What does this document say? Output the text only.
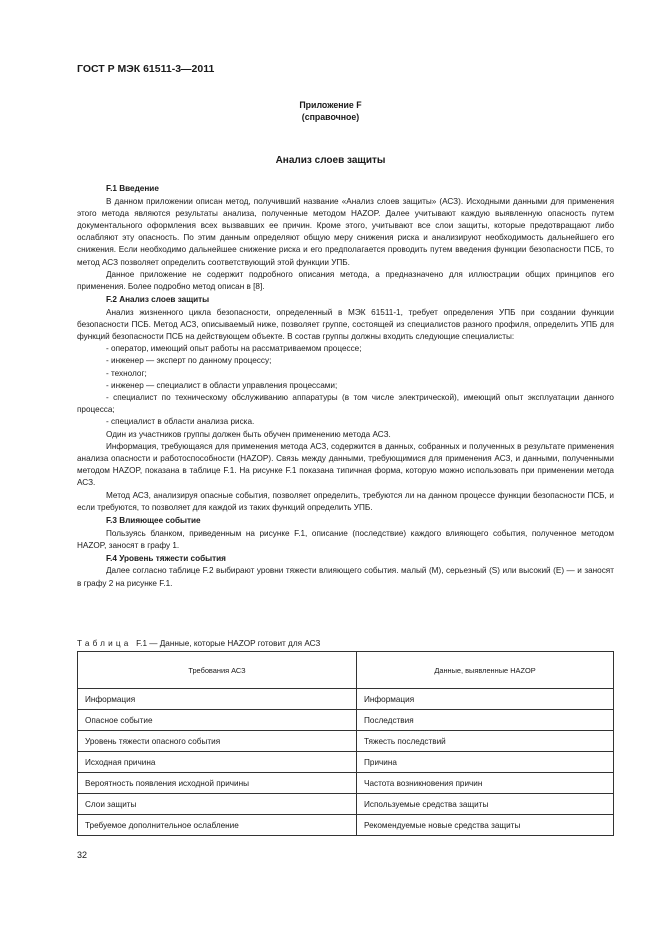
ГОСТ Р МЭК 61511-3—2011
Приложение F
(справочное)
Анализ слоев защиты
F.1 Введение

В данном приложении описан метод, получивший название «Анализ слоев защиты» (АСЗ). Исходными данными для применения этого метода являются результаты анализа, полученные методом HAZOP. Далее учитывают каждую выявленную опасность путем документального оформления всех вызвавших ее причин. Кроме этого, учитывают все слои защиты, которые предотвращают либо ослабляют эту опасность. По этим данным определяют общую меру снижения риска и анализируют необходимость дальнейшего его снижения. Если необходимо дальнейшее снижение риска и его предполагается проводить путем введения функции безопасности ПСБ, то метод АСЗ позволяет определить соответствующий этой функции УПБ.

Данное приложение не содержит подробного описания метода, а предназначено для иллюстрации общих принципов его применения. Более подробно метод описан в [8].

F.2 Анализ слоев защиты

Анализ жизненного цикла безопасности, определенный в МЭК 61511-1, требует определения УПБ при создании функции безопасности ПСБ. Метод АСЗ, описываемый ниже, позволяет группе, состоящей из специалистов разного профиля, определить УПБ для функций безопасности ПСБ на действующем объекте. В состав группы должны входить следующие специалисты:

- оператор, имеющий опыт работы на рассматриваемом процессе;
- инженер — эксперт по данному процессу;
- технолог;
- инженер — специалист в области управления процессами;
- специалист по техническому обслуживанию аппаратуры (в том числе электрической), имеющий опыт эксплуатации данного процесса;
- специалист в области анализа риска.

Один из участников группы должен быть обучен применению метода АСЗ.

Информация, требующаяся для применения метода АСЗ, содержится в данных, собранных и полученных в результате применения анализа опасности и работоспособности (HAZOP). Связь между данными, требующимися для применения АСЗ, и данными, полученными методом HAZOP, показана в таблице F.1. На рисунке F.1 показана типичная форма, которую можно использовать при применении метода АСЗ.

Метод АСЗ, анализируя опасные события, позволяет определить, требуются ли на данном процессе функции безопасности ПСБ, и если требуются, то позволяет для каждой из таких функций определить УПБ.

F.3 Влияющее событие

Пользуясь бланком, приведенным на рисунке F.1, описание (последствие) каждого влияющего события, полученное методом HAZOP, заносят в графу 1.

F.4 Уровень тяжести события

Далее согласно таблице F.2 выбирают уровни тяжести влияющего события. малый (М), серьезный (S) или высокий (Е) — и заносят в графу 2 на рисунке F.1.

Таблица F.1 — Данные, которые HAZOP готовит для АСЗ
Требования АСЗ	Данные, выявленные HAZOP
Информация	Информация
Опасное событие	Последствия
Уровень тяжести опасного события	Тяжесть последствий
Исходная причина	Причина
Вероятность появления исходной причины	Частота возникновения причин
Слои защиты	Используемые средства защиты
Требуемое дополнительное ослабление	Рекомендуемые новые средства защиты
32
